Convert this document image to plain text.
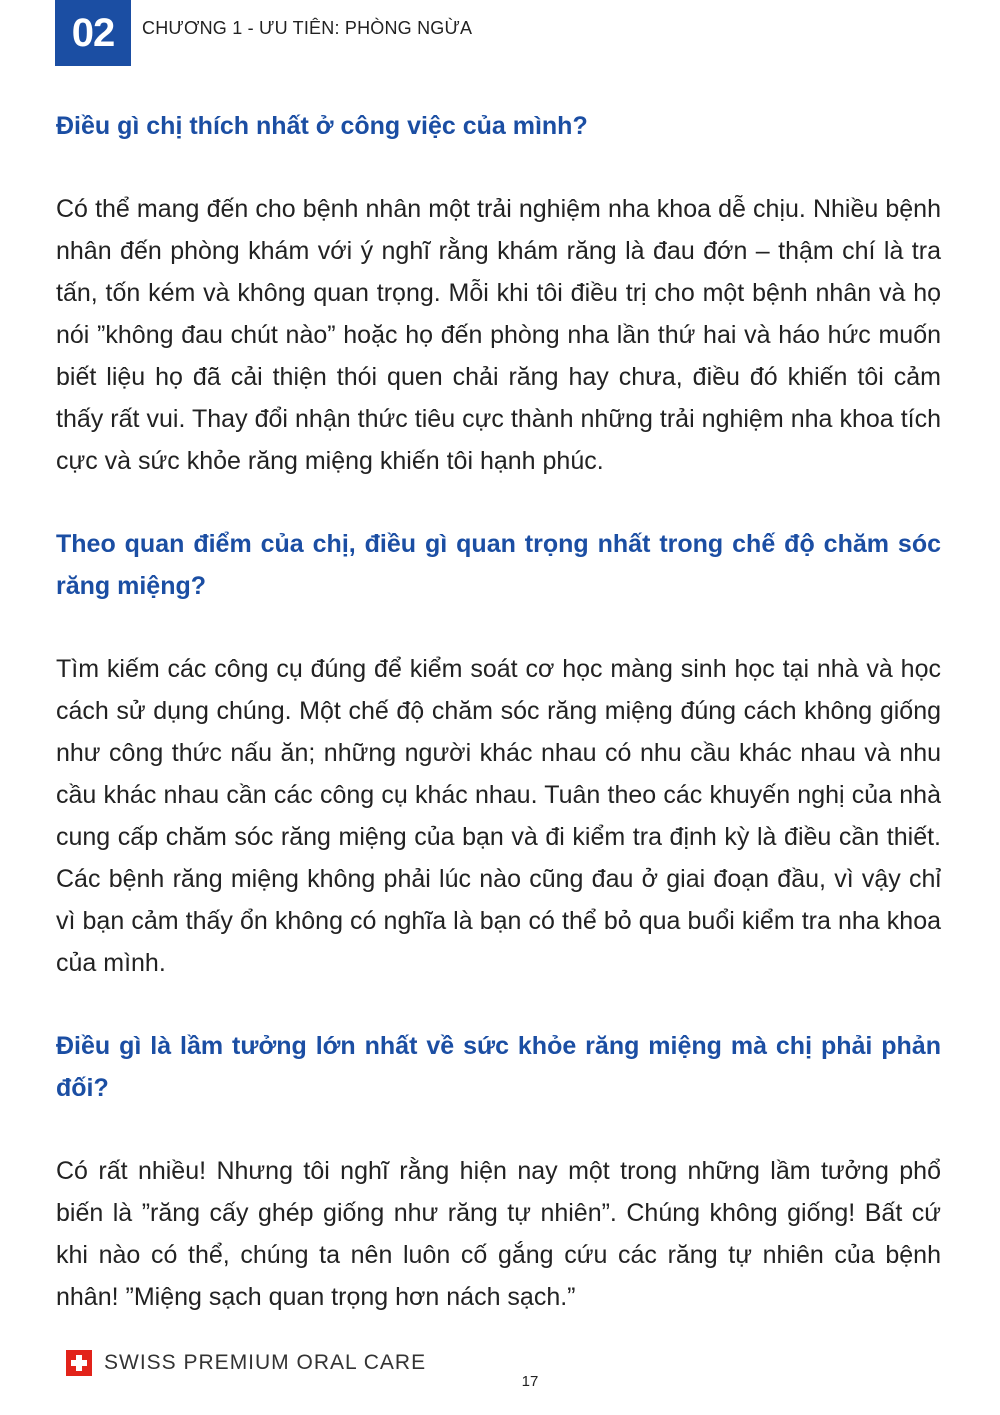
02 CHƯƠNG 1 - ƯU TIÊN: PHÒNG NGỪA

Điều gì chị thích nhất ở công việc của mình?

Có thể mang đến cho bệnh nhân một trải nghiệm nha khoa dễ chịu. Nhiều bệnh nhân đến phòng khám với ý nghĩ rằng khám răng là đau đớn – thậm chí là tra tấn, tốn kém và không quan trọng. Mỗi khi tôi điều trị cho một bệnh nhân và họ nói ”không đau chút nào” hoặc họ đến phòng nha lần thứ hai và háo hức muốn biết liệu họ đã cải thiện thói quen chải răng hay chưa, điều đó khiến tôi cảm thấy rất vui. Thay đổi nhận thức tiêu cực thành những trải nghiệm nha khoa tích cực và sức khỏe răng miệng khiến tôi hạnh phúc.

Theo quan điểm của chị, điều gì quan trọng nhất trong chế độ chăm sóc răng miệng?

Tìm kiếm các công cụ đúng để kiểm soát cơ học màng sinh học tại nhà và học cách sử dụng chúng. Một chế độ chăm sóc răng miệng đúng cách không giống như công thức nấu ăn; những người khác nhau có nhu cầu khác nhau và nhu cầu khác nhau cần các công cụ khác nhau. Tuân theo các khuyến nghị của nhà cung cấp chăm sóc răng miệng của bạn và đi kiểm tra định kỳ là điều cần thiết. Các bệnh răng miệng không phải lúc nào cũng đau ở giai đoạn đầu, vì vậy chỉ vì bạn cảm thấy ổn không có nghĩa là bạn có thể bỏ qua buổi kiểm tra nha khoa của mình.

Điều gì là lầm tưởng lớn nhất về sức khỏe răng miệng mà chị phải phản đối?

Có rất nhiều! Nhưng tôi nghĩ rằng hiện nay một trong những lầm tưởng phổ biến là ”răng cấy ghép giống như răng tự nhiên”. Chúng không giống! Bất cứ khi nào có thể, chúng ta nên luôn cố gắng cứu các răng tự nhiên của bệnh nhân! ”Miệng sạch quan trọng hơn nách sạch.”

SWISS PREMIUM ORAL CARE
17
